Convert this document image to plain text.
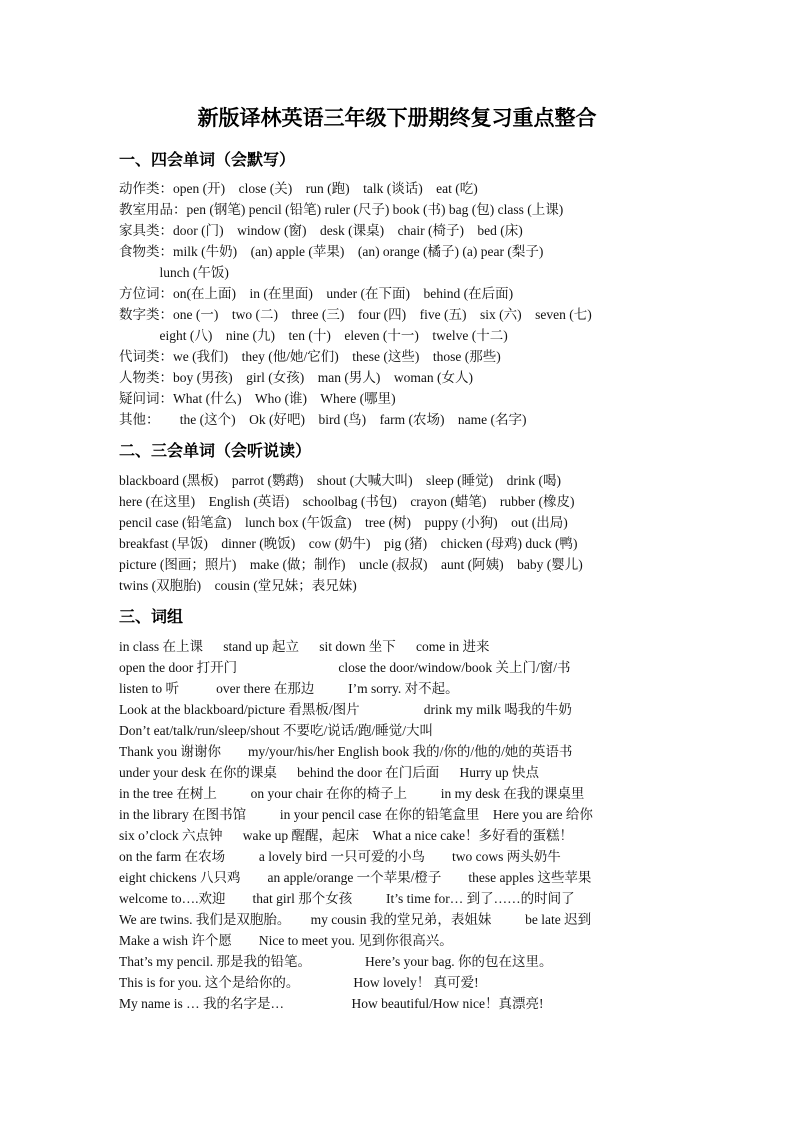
新版译林英语三年级下册期终复习重点整合
一、四会单词（会默写）
动作类：open (开)    close (关)    run (跑)    talk (谈话)    eat (吃)
教室用品：pen (钢笔) pencil (铅笔) ruler (尺子) book (书) bag (包) class (上课)
家具类：door (门)    window (窗)    desk (课桌)    chair (椅子)    bed (床)
食物类：milk (牛奶)    (an) apple (苹果)    (an) orange (橘子) (a) pear (梨子)
lunch (午饭)
方位词：on(在上面)    in (在里面)    under (在下面)    behind (在后面)
数字类：one (一)    two (二)    three (三)    four (四)    five (五)    six (六)    seven (七)
eight (八)    nine (九)    ten (十)    eleven (十一)    twelve (十二)
代词类：we (我们)    they (他/她/它们)    these (这些)    those (那些)
人物类：boy (男孩)    girl (女孩)    man (男人)    woman (女人)
疑问词：What (什么)    Who (谁)    Where (哪里)
其他：      the (这个)    Ok (好吧)    bird (鸟)    farm (农场)    name (名字)
二、三会单词（会听说读）
blackboard (黑板)    parrot (鹦鹉)    shout (大喊大叫)    sleep (睡觉)    drink (喝)
here (在这里)    English (英语)    schoolbag (书包)    crayon (蜡笔)    rubber (橡皮)
pencil case (铅笔盒)    lunch box (午饭盒)    tree (树)    puppy (小狗)    out (出局)
breakfast (早饭)    dinner (晚饭)    cow (奶牛)    pig (猪)    chicken (母鸡) duck (鸭)
picture (图画；照片)    make (做；制作)    uncle (叔叔)    aunt (阿姨)    baby (婴儿)
twins (双胞胎)    cousin (堂兄妹；表兄妹)
三、词组
in class 在上课      stand up 起立      sit down 坐下      come in 进来
open the door 打开门                              close the door/window/book 关上门/窗/书
listen to 听           over there 在那边          I’m sorry. 对不起。
Look at the blackboard/picture 看黑板/图片                   drink my milk 喝我的牛奶
Don’t eat/talk/run/sleep/shout 不要吃/说话/跑/睡觉/大叫
Thank you 谢谢你        my/your/his/her English book 我的/你的/他的/她的英语书
under your desk 在你的课桌      behind the door 在门后面      Hurry up 快点
in the tree 在树上          on your chair 在你的椅子上          in my desk 在我的课桌里
in the library 在图书馆          in your pencil case 在你的铅笔盒里    Here you are 给你
six o’clock 六点钟      wake up 醒醒，起床    What a nice cake！多好看的蛋糕！
on the farm 在农场          a lovely bird 一只可爱的小鸟        two cows 两头奶牛
eight chickens 八只鸡        an apple/orange 一个苹果/橙子        these apples 这些苹果
welcome to….欢迎        that girl 那个女孩          It’s time for… 到了……的时间了
We are twins. 我们是双胞胎。      my cousin 我的堂兄弟，表姐妹          be late 迟到
Make a wish 许个愿        Nice to meet you. 见到你很高兴。
That’s my pencil. 那是我的铅笔。                Here’s your bag. 你的包在这里。
This is for you. 这个是给你的。                How lovely！ 真可爱!
My name is … 我的名字是…                    How beautiful/How nice！真漂亮!
